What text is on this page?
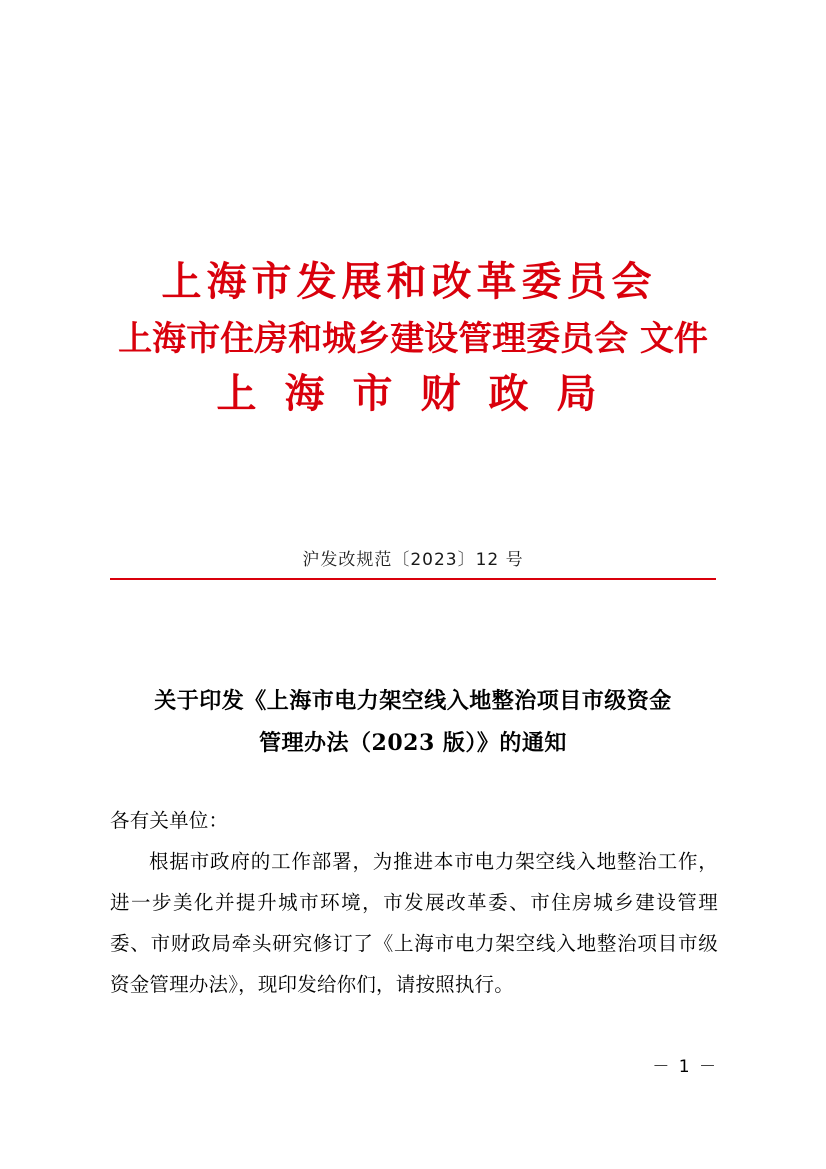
上海市发展和改革委员会
上海市住房和城乡建设管理委员会 文件
上海市财政局
沪发改规范〔2023〕12 号
关于印发《上海市电力架空线入地整治项目市级资金
管理办法（2023 版）》的通知

各有关单位：

根据市政府的工作部署，为推进本市电力架空线入地整治工作，进一步美化并提升城市环境，市发展改革委、市住房城乡建设管理委、市财政局牵头研究修订了《上海市电力架空线入地整治项目市级资金管理办法》，现印发给你们，请按照执行。

－ 1 －
